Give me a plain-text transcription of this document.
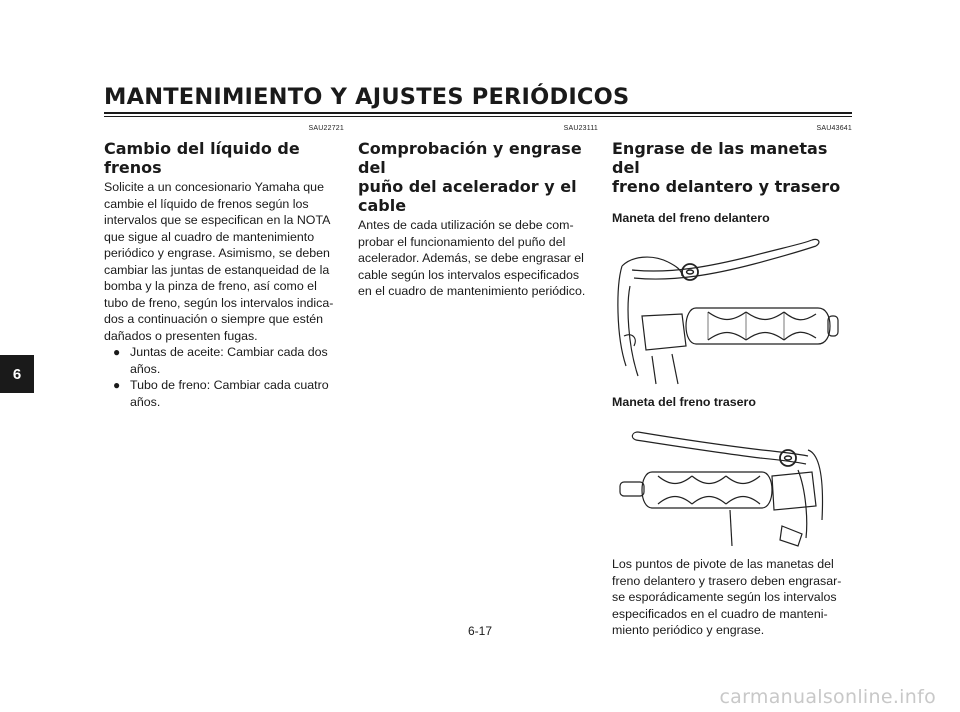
MANTENIMIENTO Y AJUSTES PERIÓDICOS
6
SAU22721
Cambio del líquido de frenos
Solicite a un concesionario Yamaha que
cambie el líquido de frenos según los
intervalos que se especifican en la NOTA
que sigue al cuadro de mantenimiento
periódico y engrase. Asimismo, se deben
cambiar las juntas de estanqueidad de la
bomba y la pinza de freno, así como el
tubo de freno, según los intervalos indica-
dos a continuación o siempre que estén
dañados o presenten fugas.
● Juntas de aceite: Cambiar cada dos
años.
● Tubo de freno: Cambiar cada cuatro
años.
SAU23111
Comprobación y engrase del
puño del acelerador y el cable
Antes de cada utilización se debe com-
probar el funcionamiento del puño del
acelerador. Además, se debe engrasar el
cable según los intervalos especificados
en el cuadro de mantenimiento periódico.
SAU43641
Engrase de las manetas del
freno delantero y trasero
Maneta del freno delantero
Maneta del freno trasero
Los puntos de pivote de las manetas del
freno delantero y trasero deben engrasar-
se esporádicamente según los intervalos
especificados en el cuadro de manteni-
miento periódico y engrase.
6-17
carmanualsonline.info
